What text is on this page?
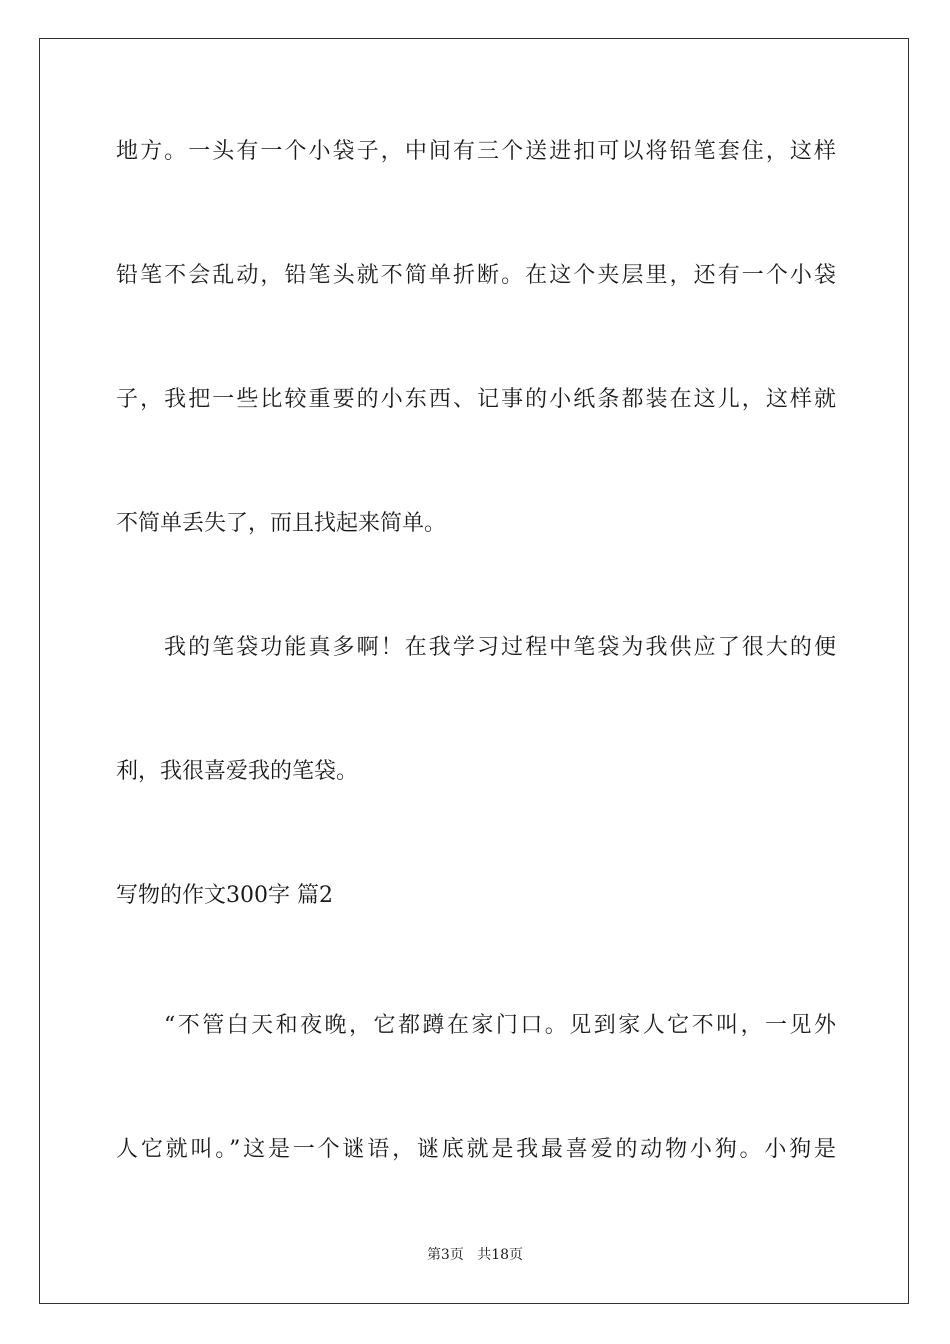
地方。一头有一个小袋子，中间有三个送进扣可以将铅笔套住，这样
铅笔不会乱动，铅笔头就不简单折断。在这个夹层里，还有一个小袋
子，我把一些比较重要的小东西、记事的小纸条都装在这儿，这样就
不简单丢失了，而且找起来简单。
我的笔袋功能真多啊！在我学习过程中笔袋为我供应了很大的便
利，我很喜爱我的笔袋。
写物的作文300字 篇2
“不管白天和夜晚，它都蹲在家门口。见到家人它不叫，一见外
人它就叫。”这是一个谜语，谜底就是我最喜爱的动物小狗。小狗是
第3页 共18页
